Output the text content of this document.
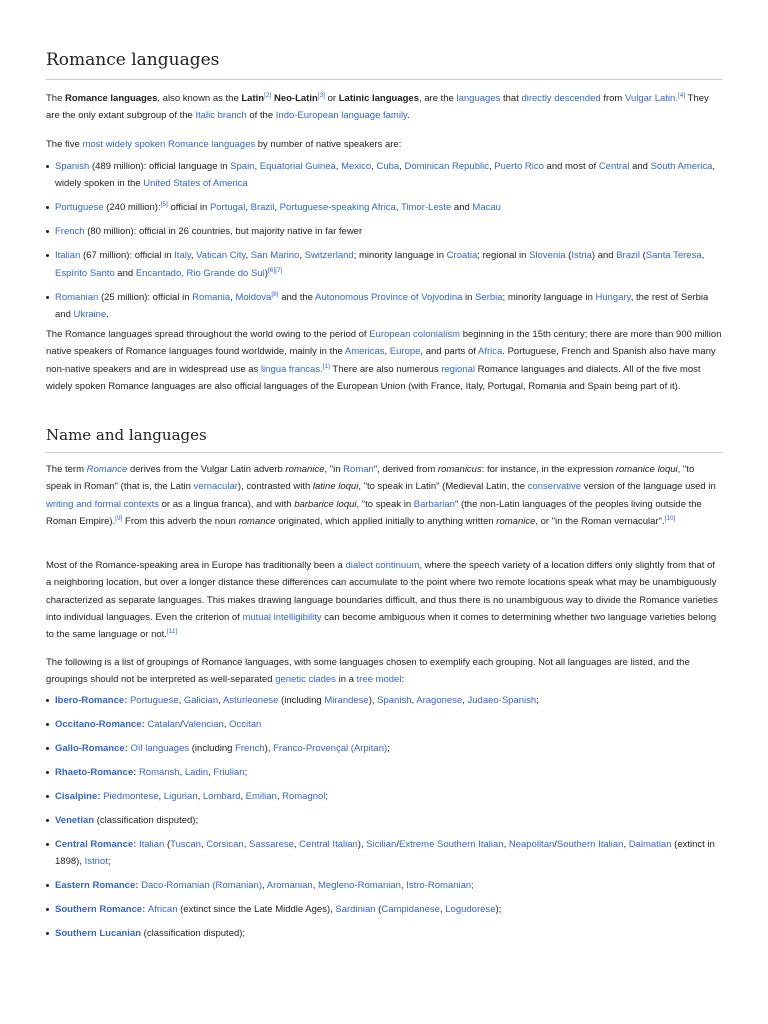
Romance languages

The Romance languages, also known as the Latin[2] Neo-Latin[3] or Latinic languages, are the languages that directly descended from Vulgar Latin.[4] They are the only extant subgroup of the Italic branch of the Indo-European language family.

The five most widely spoken Romance languages by number of native speakers are:

Spanish (489 million): official language in Spain, Equatorial Guinea, Mexico, Cuba, Dominican Republic, Puerto Rico and most of Central and South America, widely spoken in the United States of America
Portuguese (240 million):[5] official in Portugal, Brazil, Portuguese-speaking Africa, Timor-Leste and Macau
French (80 million): official in 26 countries, but majority native in far fewer
Italian (67 million): official in Italy, Vatican City, San Marino, Switzerland; minority language in Croatia; regional in Slovenia (Istria) and Brazil (Santa Teresa, Espírito Santo and Encantado, Rio Grande do Sul)[6][7]
Romanian (25 million): official in Romania, Moldova[8] and the Autonomous Province of Vojvodina in Serbia; minority language in Hungary, the rest of Serbia and Ukraine.

The Romance languages spread throughout the world owing to the period of European colonialism beginning in the 15th century; there are more than 900 million native speakers of Romance languages found worldwide, mainly in the Americas, Europe, and parts of Africa. Portuguese, French and Spanish also have many non-native speakers and are in widespread use as lingua francas.[1] There are also numerous regional Romance languages and dialects. All of the five most widely spoken Romance languages are also official languages of the European Union (with France, Italy, Portugal, Romania and Spain being part of it).

Name and languages

The term Romance derives from the Vulgar Latin adverb romanice, "in Roman", derived from romanicus: for instance, in the expression romanice loqui, "to speak in Roman" (that is, the Latin vernacular), contrasted with latine loqui, "to speak in Latin" (Medieval Latin, the conservative version of the language used in writing and formal contexts or as a lingua franca), and with barbarice loqui, "to speak in Barbarian" (the non-Latin languages of the peoples living outside the Roman Empire).[9] From this adverb the noun romance originated, which applied initially to anything written romanice, or "in the Roman vernacular".[10]

Most of the Romance-speaking area in Europe has traditionally been a dialect continuum, where the speech variety of a location differs only slightly from that of a neighboring location, but over a longer distance these differences can accumulate to the point where two remote locations speak what may be unambiguously characterized as separate languages. This makes drawing language boundaries difficult, and thus there is no unambiguous way to divide the Romance varieties into individual languages. Even the criterion of mutual intelligibility can become ambiguous when it comes to determining whether two language varieties belong to the same language or not.[11]

The following is a list of groupings of Romance languages, with some languages chosen to exemplify each grouping. Not all languages are listed, and the groupings should not be interpreted as well-separated genetic clades in a tree model:

Ibero-Romance: Portuguese, Galician, Asturleonese (including Mirandese), Spanish, Aragonese, Judaeo-Spanish;
Occitano-Romance: Catalan/Valencian, Occitan
Gallo-Romance: Oïl languages (including French), Franco-Provençal (Arpitan);
Rhaeto-Romance: Romansh, Ladin, Friulian;
Cisalpine: Piedmontese, Ligurian, Lombard, Emilian, Romagnol;
Venetian (classification disputed);
Central Romance: Italian (Tuscan, Corsican, Sassarese, Central Italian), Sicilian/Extreme Southern Italian, Neapolitan/Southern Italian, Dalmatian (extinct in 1898), Istriot;
Eastern Romance: Daco-Romanian (Romanian), Aromanian, Megleno-Romanian, Istro-Romanian;
Southern Romance: African (extinct since the Late Middle Ages), Sardinian (Campidanese, Logudorese);
Southern Lucanian (classification disputed);
